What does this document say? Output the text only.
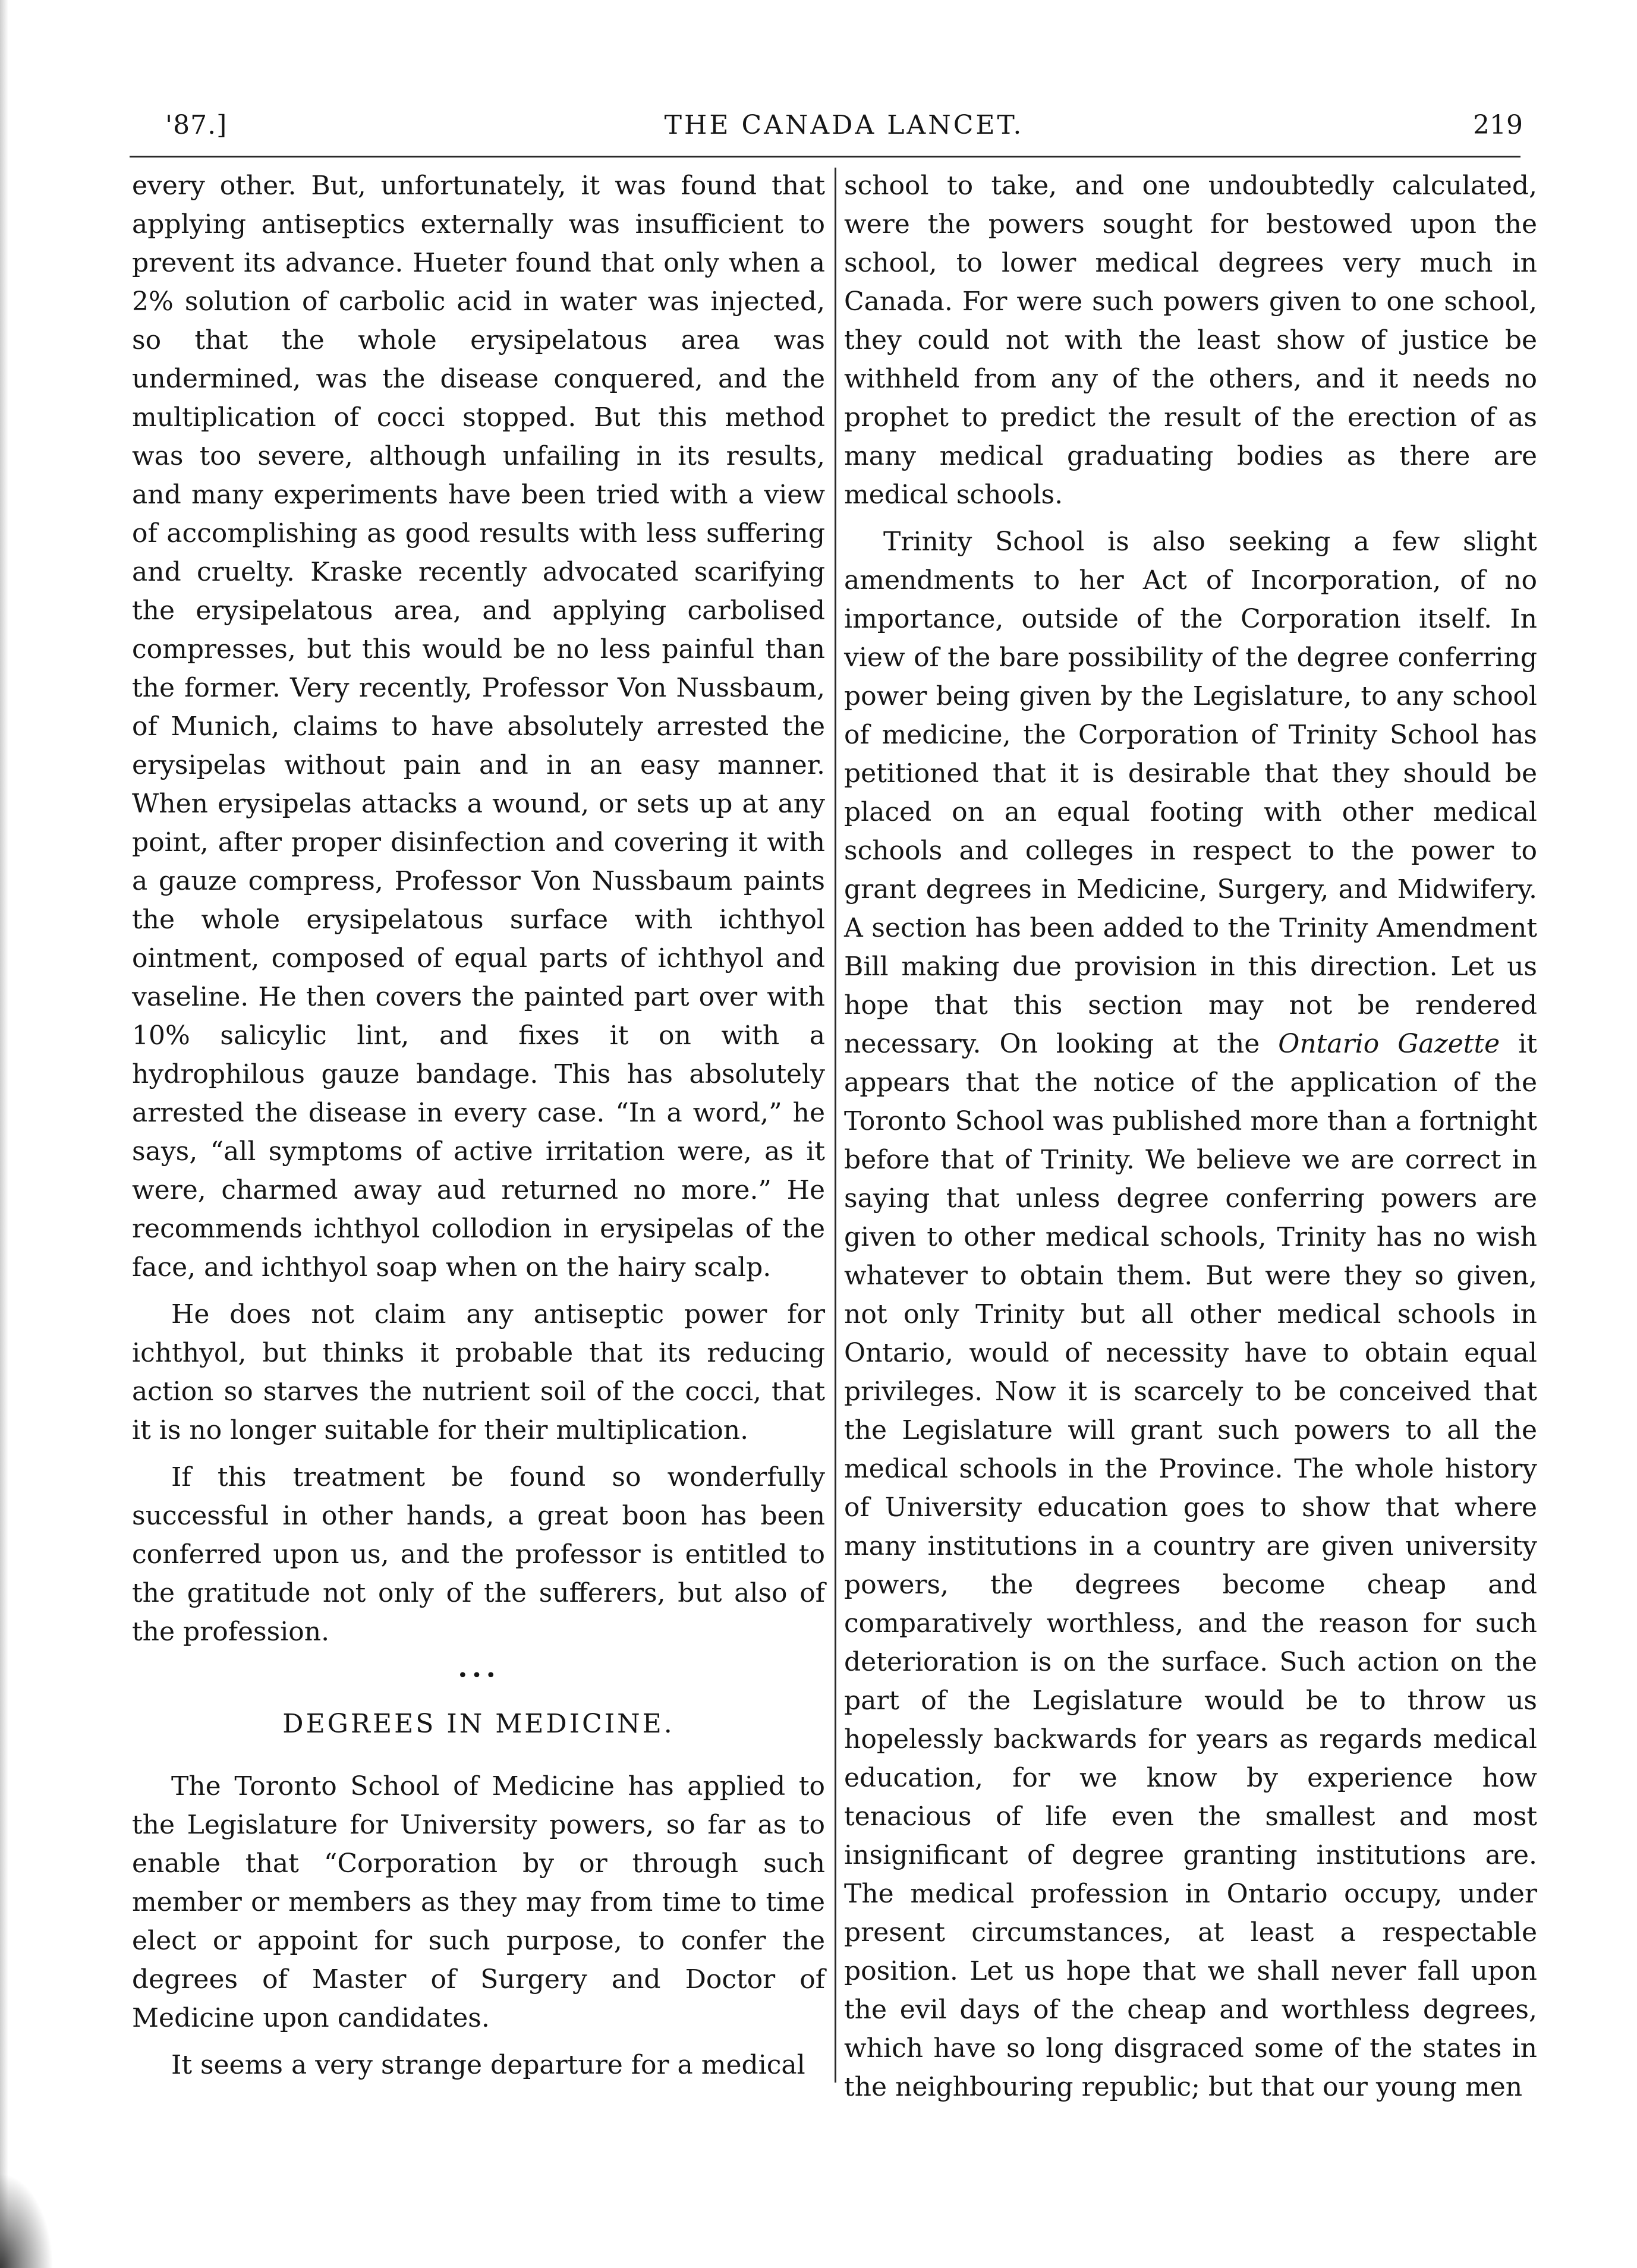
'87.]	THE CANADA LANCET.	219

every other. But, unfortunately, it was found that applying antiseptics externally was insufficient to prevent its advance. Hueter found that only when a 2% solution of carbolic acid in water was injected, so that the whole erysipelatous area was undermined, was the disease conquered, and the multiplication of cocci stopped. But this method was too severe, although unfailing in its results, and many experiments have been tried with a view of accomplishing as good results with less suffering and cruelty. Kraske recently advocated scarifying the erysipelatous area, and applying carbolised compresses, but this would be no less painful than the former. Very recently, Professor Von Nussbaum, of Munich, claims to have absolutely arrested the erysipelas without pain and in an easy manner. When erysipelas attacks a wound, or sets up at any point, after proper disinfection and covering it with a gauze compress, Professor Von Nussbaum paints the whole erysipelatous surface with ichthyol ointment, composed of equal parts of ichthyol and vaseline. He then covers the painted part over with 10% salicylic lint, and fixes it on with a hydrophilous gauze bandage. This has absolutely arrested the disease in every case. “In a word,” he says, “all symptoms of active irritation were, as it were, charmed away aud returned no more.” He recommends ichthyol collodion in erysipelas of the face, and ichthyol soap when on the hairy scalp.

He does not claim any antiseptic power for ichthyol, but thinks it probable that its reducing action so starves the nutrient soil of the cocci, that it is no longer suitable for their multiplication.

If this treatment be found so wonderfully successful in other hands, a great boon has been conferred upon us, and the professor is entitled to the gratitude not only of the sufferers, but also of the profession.

•••
DEGREES IN MEDICINE.

The Toronto School of Medicine has applied to the Legislature for University powers, so far as to enable that “Corporation by or through such member or members as they may from time to time elect or appoint for such purpose, to confer the degrees of Master of Surgery and Doctor of Medicine upon candidates.

It seems a very strange departure for a medical

school to take, and one undoubtedly calculated, were the powers sought for bestowed upon the school, to lower medical degrees very much in Canada. For were such powers given to one school, they could not with the least show of justice be withheld from any of the others, and it needs no prophet to predict the result of the erection of as many medical graduating bodies as there are medical schools.

Trinity School is also seeking a few slight amendments to her Act of Incorporation, of no importance, outside of the Corporation itself. In view of the bare possibility of the degree conferring power being given by the Legislature, to any school of medicine, the Corporation of Trinity School has petitioned that it is desirable that they should be placed on an equal footing with other medical schools and colleges in respect to the power to grant degrees in Medicine, Surgery, and Midwifery. A section has been added to the Trinity Amendment Bill making due provision in this direction. Let us hope that this section may not be rendered necessary. On looking at the Ontario Gazette it appears that the notice of the application of the Toronto School was published more than a fortnight before that of Trinity. We believe we are correct in saying that unless degree conferring powers are given to other medical schools, Trinity has no wish whatever to obtain them. But were they so given, not only Trinity but all other medical schools in Ontario, would of necessity have to obtain equal privileges. Now it is scarcely to be conceived that the Legislature will grant such powers to all the medical schools in the Province. The whole history of University education goes to show that where many institutions in a country are given university powers, the degrees become cheap and comparatively worthless, and the reason for such deterioration is on the surface. Such action on the part of the Legislature would be to throw us hopelessly backwards for years as regards medical education, for we know by experience how tenacious of life even the smallest and most insignificant of degree granting institutions are. The medical profession in Ontario occupy, under present circumstances, at least a respectable position. Let us hope that we shall never fall upon the evil days of the cheap and worthless degrees, which have so long disgraced some of the states in the neighbouring republic; but that our young men
